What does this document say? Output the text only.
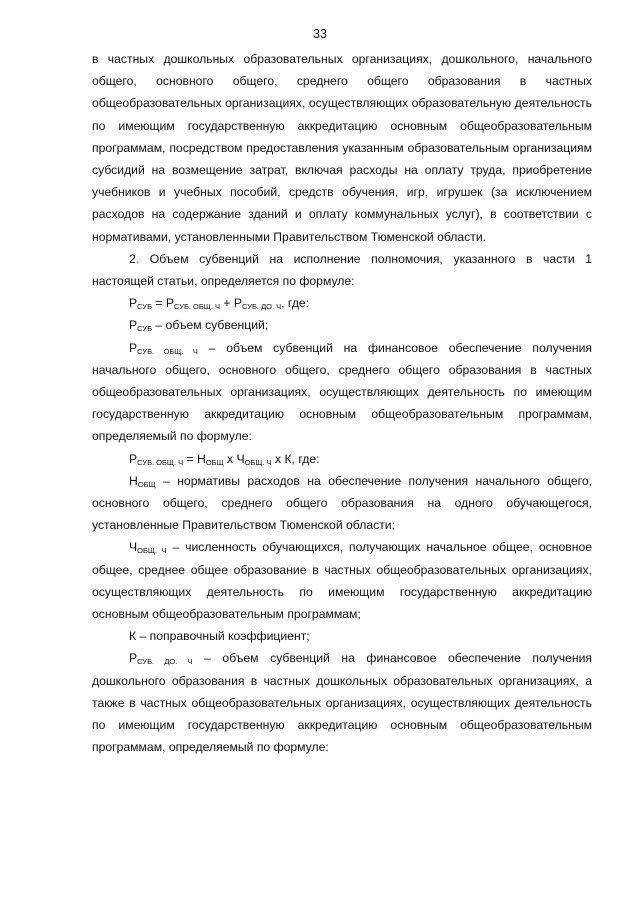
33

в частных дошкольных образовательных организациях, дошкольного, начального общего, основного общего, среднего общего образования в частных общеобразовательных организациях, осуществляющих образовательную деятельность по имеющим государственную аккредитацию основным общеобразовательным программам, посредством предоставления указанным образовательным организациям субсидий на возмещение затрат, включая расходы на оплату труда, приобретение учебников и учебных пособий, средств обучения, игр, игрушек (за исключением расходов на содержание зданий и оплату коммунальных услуг), в соответствии с нормативами, установленными Правительством Тюменской области.

2. Объем субвенций на исполнение полномочия, указанного в части 1 настоящей статьи, определяется по формуле:

$Р_{СУБ} = Р_{СУБ. ОБЩ. Ч} + Р_{СУБ. ДО. Ч}$, где:

$Р_{СУБ}$ – объем субвенций;

$Р_{СУБ. ОБЩ. Ч}$ – объем субвенций на финансовое обеспечение получения начального общего, основного общего, среднего общего образования в частных общеобразовательных организациях, осуществляющих деятельность по имеющим государственную аккредитацию основным общеобразовательным программам, определяемый по формуле:

$Р_{СУБ. ОБЩ. Ч} = Н_{ОБЩ}$ х $Ч_{ОБЩ. Ч}$ х К, где:

$Н_{ОБЩ}$ – нормативы расходов на обеспечение получения начального общего, основного общего, среднего общего образования на одного обучающегося, установленные Правительством Тюменской области;

$Ч_{ОБЩ. Ч}$ – численность обучающихся, получающих начальное общее, основное общее, среднее общее образование в частных общеобразовательных организациях, осуществляющих деятельность по имеющим государственную аккредитацию основным общеобразовательным программам;

К – поправочный коэффициент;

$Р_{СУБ. ДО. Ч}$ – объем субвенций на финансовое обеспечение получения дошкольного образования в частных дошкольных образовательных организациях, а также в частных общеобразовательных организациях, осуществляющих деятельность по имеющим государственную аккредитацию основным общеобразовательным программам, определяемый по формуле:
